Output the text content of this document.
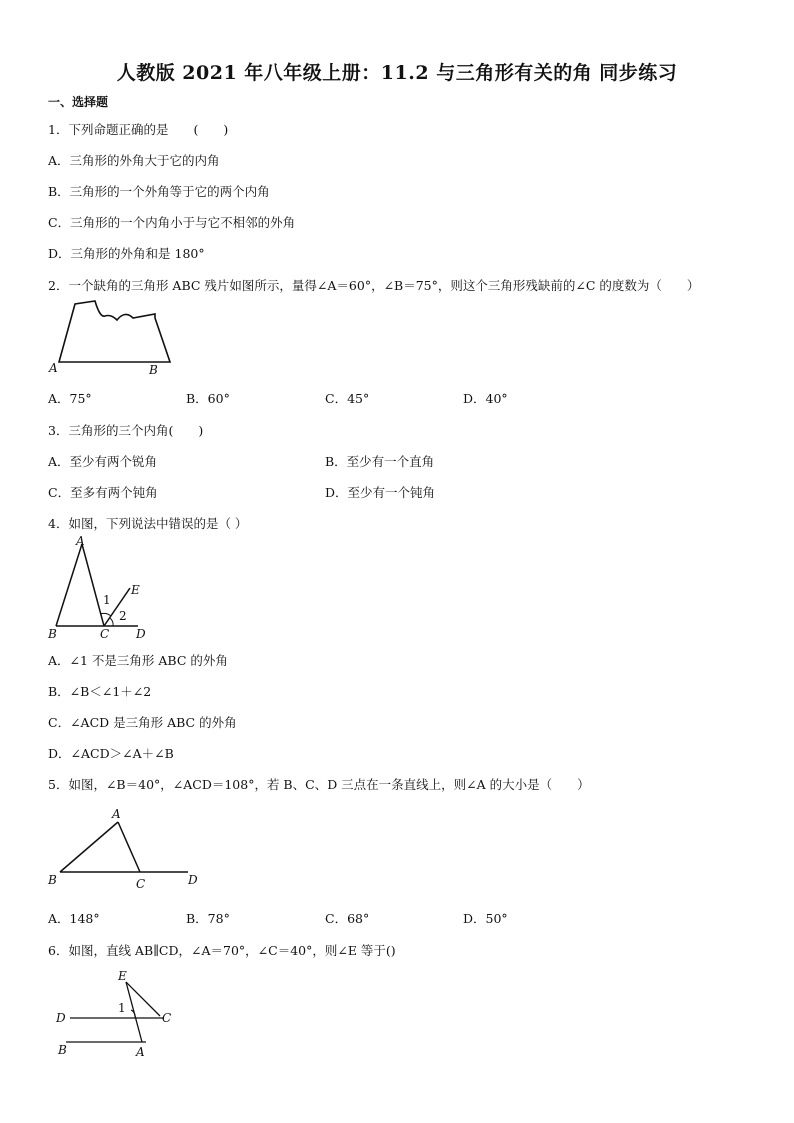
人教版 2021 年八年级上册：11.2 与三角形有关的角 同步练习
一、选择题
1．下列命题正确的是　　(　　)
A．三角形的外角大于它的内角
B．三角形的一个外角等于它的两个内角
C．三角形的一个内角小于与它不相邻的外角
D．三角形的外角和是 180°
2．一个缺角的三角形 ABC 残片如图所示，量得∠A＝60°，∠B＝75°，则这个三角形残缺前的∠C 的度数为（　　）
A	B
A．75°	B．60°	C．45°	D．40°
3．三角形的三个内角(　　)
A．至少有两个锐角	B．至少有一个直角
C．至多有两个钝角	D．至少有一个钝角
4．如图，下列说法中错误的是（ ）
A
B	C D
E
1
2
A．∠1 不是三角形 ABC 的外角
B．∠B＜∠1＋∠2
C．∠ACD 是三角形 ABC 的外角
D．∠ACD＞∠A＋∠B
5．如图，∠B＝40°，∠ACD＝108°，若 B、C、D 三点在一条直线上，则∠A 的大小是（　　）
A
B	C	D
A．148°	B．78°	C．68°	D．50°
6．如图，直线 AB∥CD，∠A＝70°，∠C＝40°，则∠E 等于()
E
D	C
B	A
1
